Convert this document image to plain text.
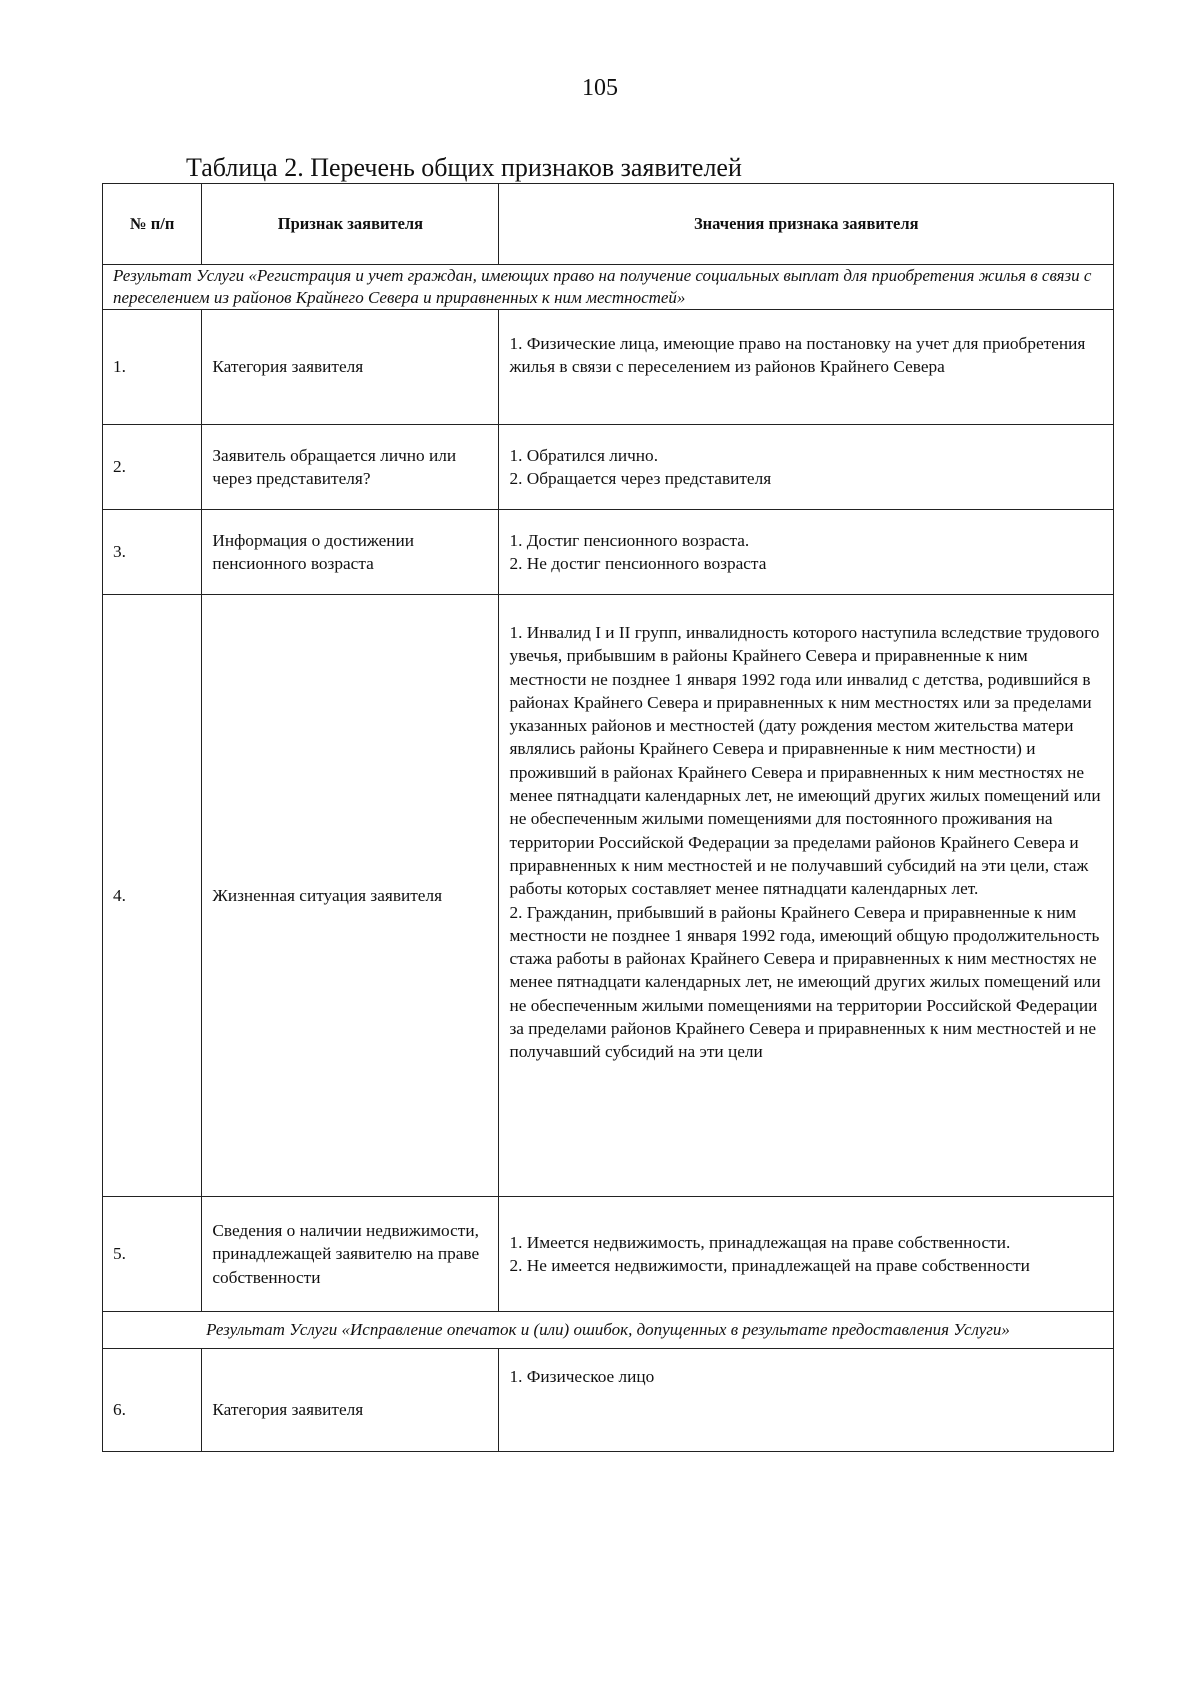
105
Таблица 2. Перечень общих признаков заявителей
№ п/п	Признак заявителя	Значения признака заявителя
Результат Услуги «Регистрация и учет граждан, имеющих право на получение социальных выплат для приобретения жилья в связи с переселением из районов Крайнего Севера и приравненных к ним местностей»		
1.	Категория заявителя	1. Физические лица, имеющие право на постановку на учет для приобретения жилья в связи с переселением из районов Крайнего Севера

2.	Заявитель обращается лично или через представителя?	1. Обратился лично.
2. Обращается через представителя

3.	Информация о достижении пенсионного возраста	1. Достиг пенсионного возраста.
2. Не достиг пенсионного возраста

4.	Жизненная ситуация заявителя	1. Инвалид I и II групп, инвалидность которого наступила вследствие трудового увечья, прибывшим в районы Крайнего Севера и приравненные к ним местности не позднее 1 января 1992 года или инвалид с детства, родившийся в районах Крайнего Севера и приравненных к ним местностях или за пределами указанных районов и местностей (дату рождения местом жительства матери являлись районы Крайнего Севера и приравненные к ним местности) и проживший в районах Крайнего Севера и приравненных к ним местностях не менее пятнадцати календарных лет, не имеющий других жилых помещений или не обеспеченным жилыми помещениями для постоянного проживания на территории Российской Федерации за пределами районов Крайнего Севера и приравненных к ним местностей и не получавший субсидий на эти цели, стаж работы которых составляет менее пятнадцати календарных лет.
2. Гражданин, прибывший в районы Крайнего Севера и приравненные к ним местности не позднее 1 января 1992 года, имеющий общую продолжительность стажа работы в районах Крайнего Севера и приравненных к ним местностях не менее пятнадцати календарных лет, не имеющий других жилых помещений или не обеспеченным жилыми помещениями на территории Российской Федерации за пределами районов Крайнего Севера и приравненных к ним местностей и не получавший субсидий на эти цели

5.	Сведения о наличии недвижимости, принадлежащей заявителю на праве собственности	1. Имеется недвижимость, принадлежащая на праве собственности.
2. Не имеется недвижимости, принадлежащей на праве собственности

Результат Услуги «Исправление опечаток и (или) ошибок, допущенных в результате предоставления Услуги»		
6.	Категория заявителя	1. Физическое лицо
